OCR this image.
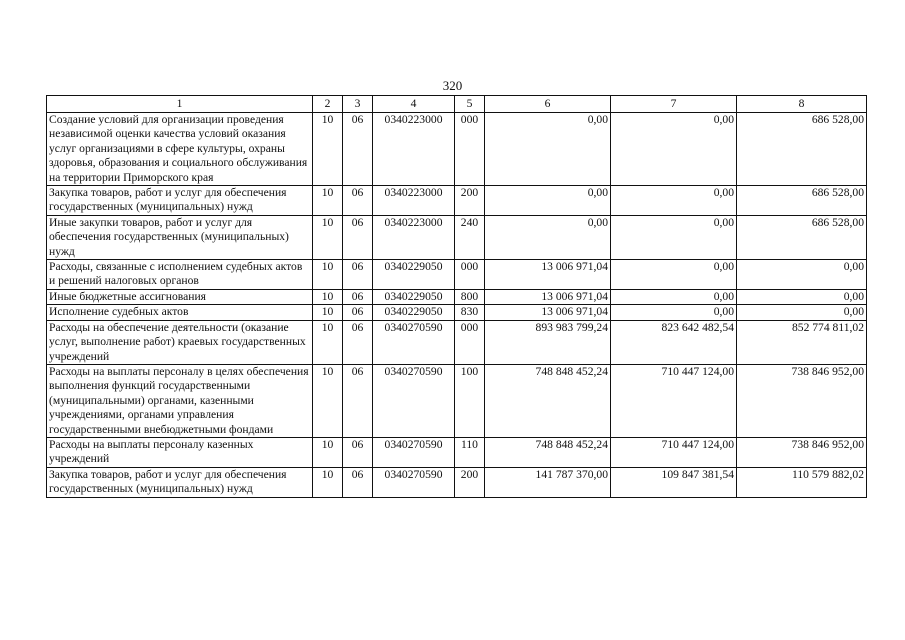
320
1	2	3	4	5	6	7	8
Создание условий для организации проведения независимой оценки качества условий оказания услуг организациями в сфере культуры, охраны здоровья, образования и социального обслуживания на территории Приморского края	10	06	0340223000	000	0,00	0,00	686 528,00
Закупка товаров, работ и услуг для обеспечения государственных (муниципальных) нужд	10	06	0340223000	200	0,00	0,00	686 528,00
Иные закупки товаров, работ и услуг для обеспечения государственных (муниципальных) нужд	10	06	0340223000	240	0,00	0,00	686 528,00
Расходы, связанные с исполнением судебных актов и решений налоговых органов	10	06	0340229050	000	13 006 971,04	0,00	0,00
Иные бюджетные ассигнования	10	06	0340229050	800	13 006 971,04	0,00	0,00
Исполнение судебных актов	10	06	0340229050	830	13 006 971,04	0,00	0,00
Расходы на обеспечение деятельности (оказание услуг, выполнение работ) краевых государственных учреждений	10	06	0340270590	000	893 983 799,24	823 642 482,54	852 774 811,02
Расходы на выплаты персоналу в целях обеспечения выполнения функций государственными (муниципальными) органами, казенными учреждениями, органами управления государственными внебюджетными фондами	10	06	0340270590	100	748 848 452,24	710 447 124,00	738 846 952,00
Расходы на выплаты персоналу казенных учреждений	10	06	0340270590	110	748 848 452,24	710 447 124,00	738 846 952,00
Закупка товаров, работ и услуг для обеспечения государственных (муниципальных) нужд	10	06	0340270590	200	141 787 370,00	109 847 381,54	110 579 882,02
